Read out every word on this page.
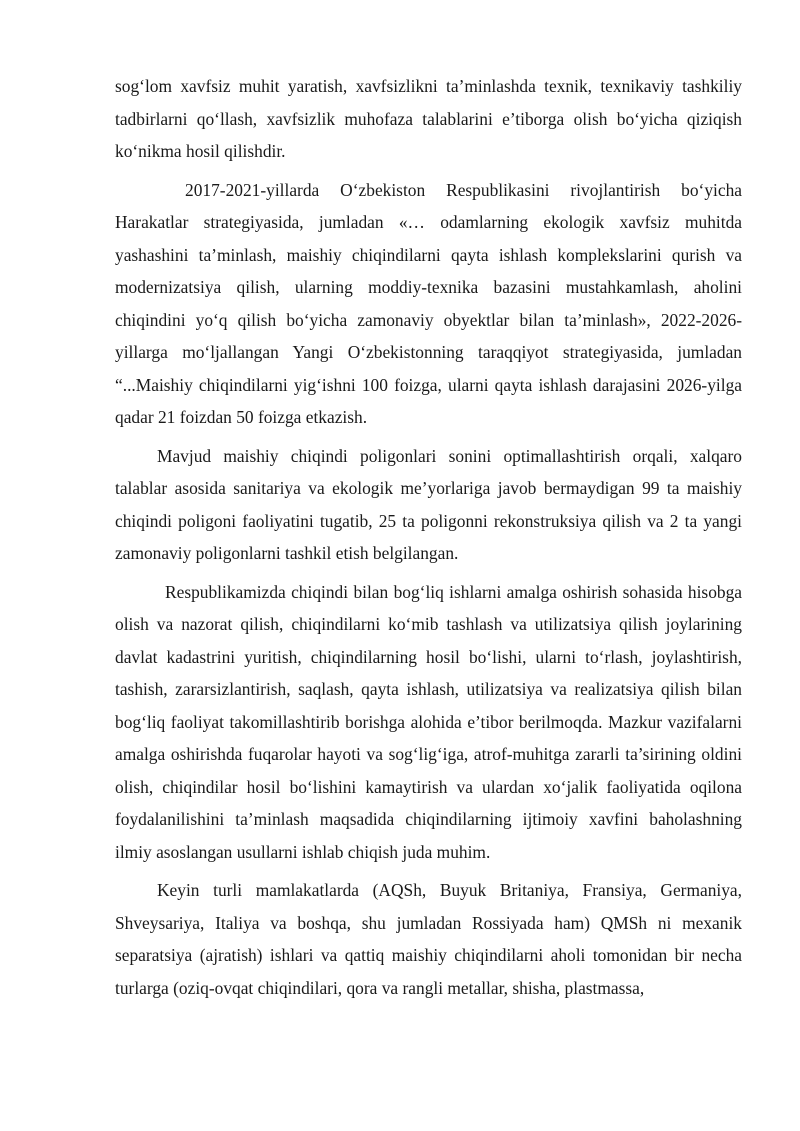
sog‘lom xavfsiz muhit yaratish, xavfsizlikni ta’minlashda texnik, texnikaviy tashkiliy tadbirlarni qo‘llash, xavfsizlik muhofaza talablarini e’tiborga olish bo‘yicha qiziqish ko‘nikma hosil qilishdir.

2017-2021-yillarda O‘zbekiston Respublikasini rivojlantirish bo‘yicha Harakatlar strategiyasida, jumladan «… odamlarning ekologik xavfsiz muhitda yashashini ta’minlash, maishiy chiqindilarni qayta ishlash komplekslarini qurish va modernizatsiya qilish, ularning moddiy-texnika bazasini mustahkamlash, aholini chiqindini yo‘q qilish bo‘yicha zamonaviy obyektlar bilan ta’minlash», 2022-2026-yillarga mo‘ljallangan Yangi O‘zbekistonning taraqqiyot strategiyasida, jumladan “...Maishiy chiqindilarni yig‘ishni 100 foizga, ularni qayta ishlash darajasini 2026-yilga qadar 21 foizdan 50 foizga etkazish.

Mavjud maishiy chiqindi poligonlari sonini optimallashtirish orqali, xalqaro talablar asosida sanitariya va ekologik me’yorlariga javob bermaydigan 99 ta maishiy chiqindi poligoni faoliyatini tugatib, 25 ta poligonni rekonstruksiya qilish va 2 ta yangi zamonaviy poligonlarni tashkil etish belgilangan.

Respublikamizda chiqindi bilan bog‘liq ishlarni amalga oshirish sohasida hisobga olish va nazorat qilish, chiqindilarni ko‘mib tashlash va utilizatsiya qilish joylarining davlat kadastrini yuritish, chiqindilarning hosil bo‘lishi, ularni to‘rlash, joylashtirish, tashish, zararsizlantirish, saqlash, qayta ishlash, utilizatsiya va realizatsiya qilish bilan bog‘liq faoliyat takomillashtirib borishga alohida e’tibor berilmoqda. Mazkur vazifalarni amalga oshirishda fuqarolar hayoti va sog‘lig‘iga, atrof-muhitga zararli ta’sirining oldini olish, chiqindilar hosil bo‘lishini kamaytirish va ulardan xo‘jalik faoliyatida oqilona foydalanilishini ta’minlash maqsadida chiqindilarning ijtimoiy xavfini baholashning ilmiy asoslangan usullarni ishlab chiqish juda muhim.

Keyin turli mamlakatlarda (AQSh, Buyuk Britaniya, Fransiya, Germaniya, Shveysariya, Italiya va boshqa, shu jumladan Rossiyada ham) QMSh ni mexanik separatsiya (ajratish) ishlari va qattiq maishiy chiqindilarni aholi tomonidan bir necha turlarga (oziq-ovqat chiqindilari, qora va rangli metallar, shisha, plastmassa,
